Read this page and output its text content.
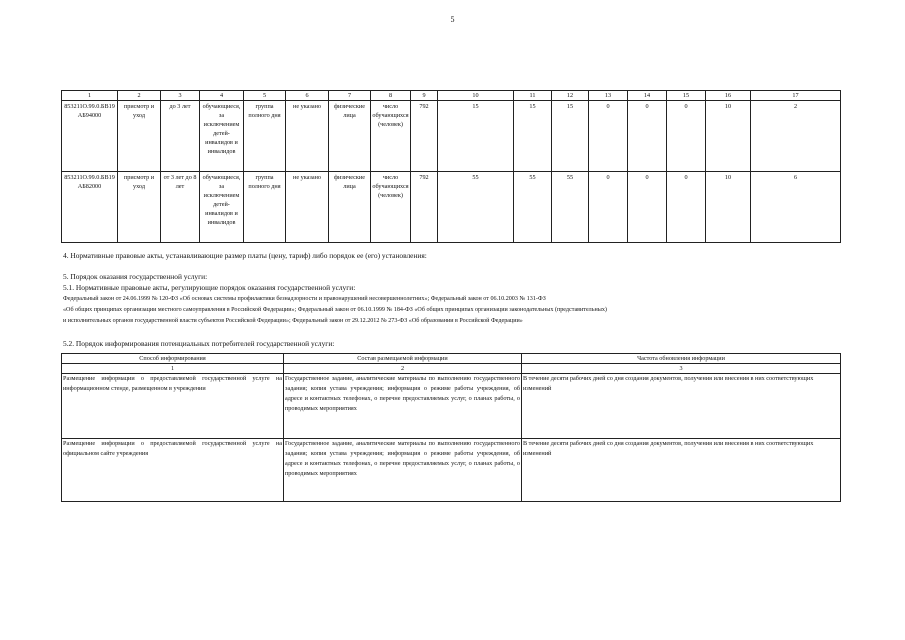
5
1	2	3	4	5	6	7	8	9	10	11	12	13	14	15	16	17
853211О.99.0.БВ19АБ94000	присмотр и уход	до 3 лет	обучающиеся, за исключением детей-инвалидов и инвалидов	группа полного дня	не указано	физические лица	число обучающихся (человек)	792	15	15	15	0	0	0	10	2
853211О.99.0.БВ19АБ82000	присмотр и уход	от 3 лет до 8 лет	обучающиеся, за исключением детей-инвалидов и инвалидов	группа полного дня	не указано	физические лица	число обучающихся (человек)	792	55	55	55	0	0	0	10	6
4. Нормативные правовые акты, устанавливающие размер платы (цену, тариф) либо порядок ее (его) установления:
5. Порядок оказания государственной услуги:
5.1. Нормативные правовые акты, регулирующие порядок оказания государственной услуги:
Федеральный закон от 24.06.1999 № 120-ФЗ «Об основах системы профилактики безнадзорности и правонарушений несовершеннолетних»; Федеральный закон от 06.10.2003 № 131-ФЗ
«Об общих принципах организации местного самоуправления в Российской Федерации»; Федеральный закон от 06.10.1999 № 184-ФЗ «Об общих принципах организации законодательных (представительных)
и исполнительных органов государственной власти субъектов Российской Федерации»; Федеральный закон от 29.12.2012 № 273-ФЗ «Об образовании в Российской Федерации»
5.2. Порядок информирования потенциальных потребителей государственной услуги:
Способ информирования	Состав размещаемой информации	Частота обновления информации
1	2	3
Размещение информации о предоставляемой государственной услуге на информационном стенде, размещенном в учреждении	Государственное задание, аналитические материалы по выполнению государственного задания; копия устава учреждения; информация о режиме работы учреждения, об адресе и контактных телефонах, о перечне предоставляемых услуг, о планах работы, о проводимых мероприятиях	В течение десяти рабочих дней со дня создания документов, получения или внесения в них соответствующих изменений
Размещение информации о предоставляемой государственной услуге на официальном сайте учреждения	Государственное задание, аналитические материалы по выполнению государственного задания; копия устава учреждения; информация о режиме работы учреждения, об адресе и контактных телефонах, о перечне предоставляемых услуг, о планах работы, о проводимых мероприятиях	В течение десяти рабочих дней со дня создания документов, получения или внесения в них соответствующих изменений
